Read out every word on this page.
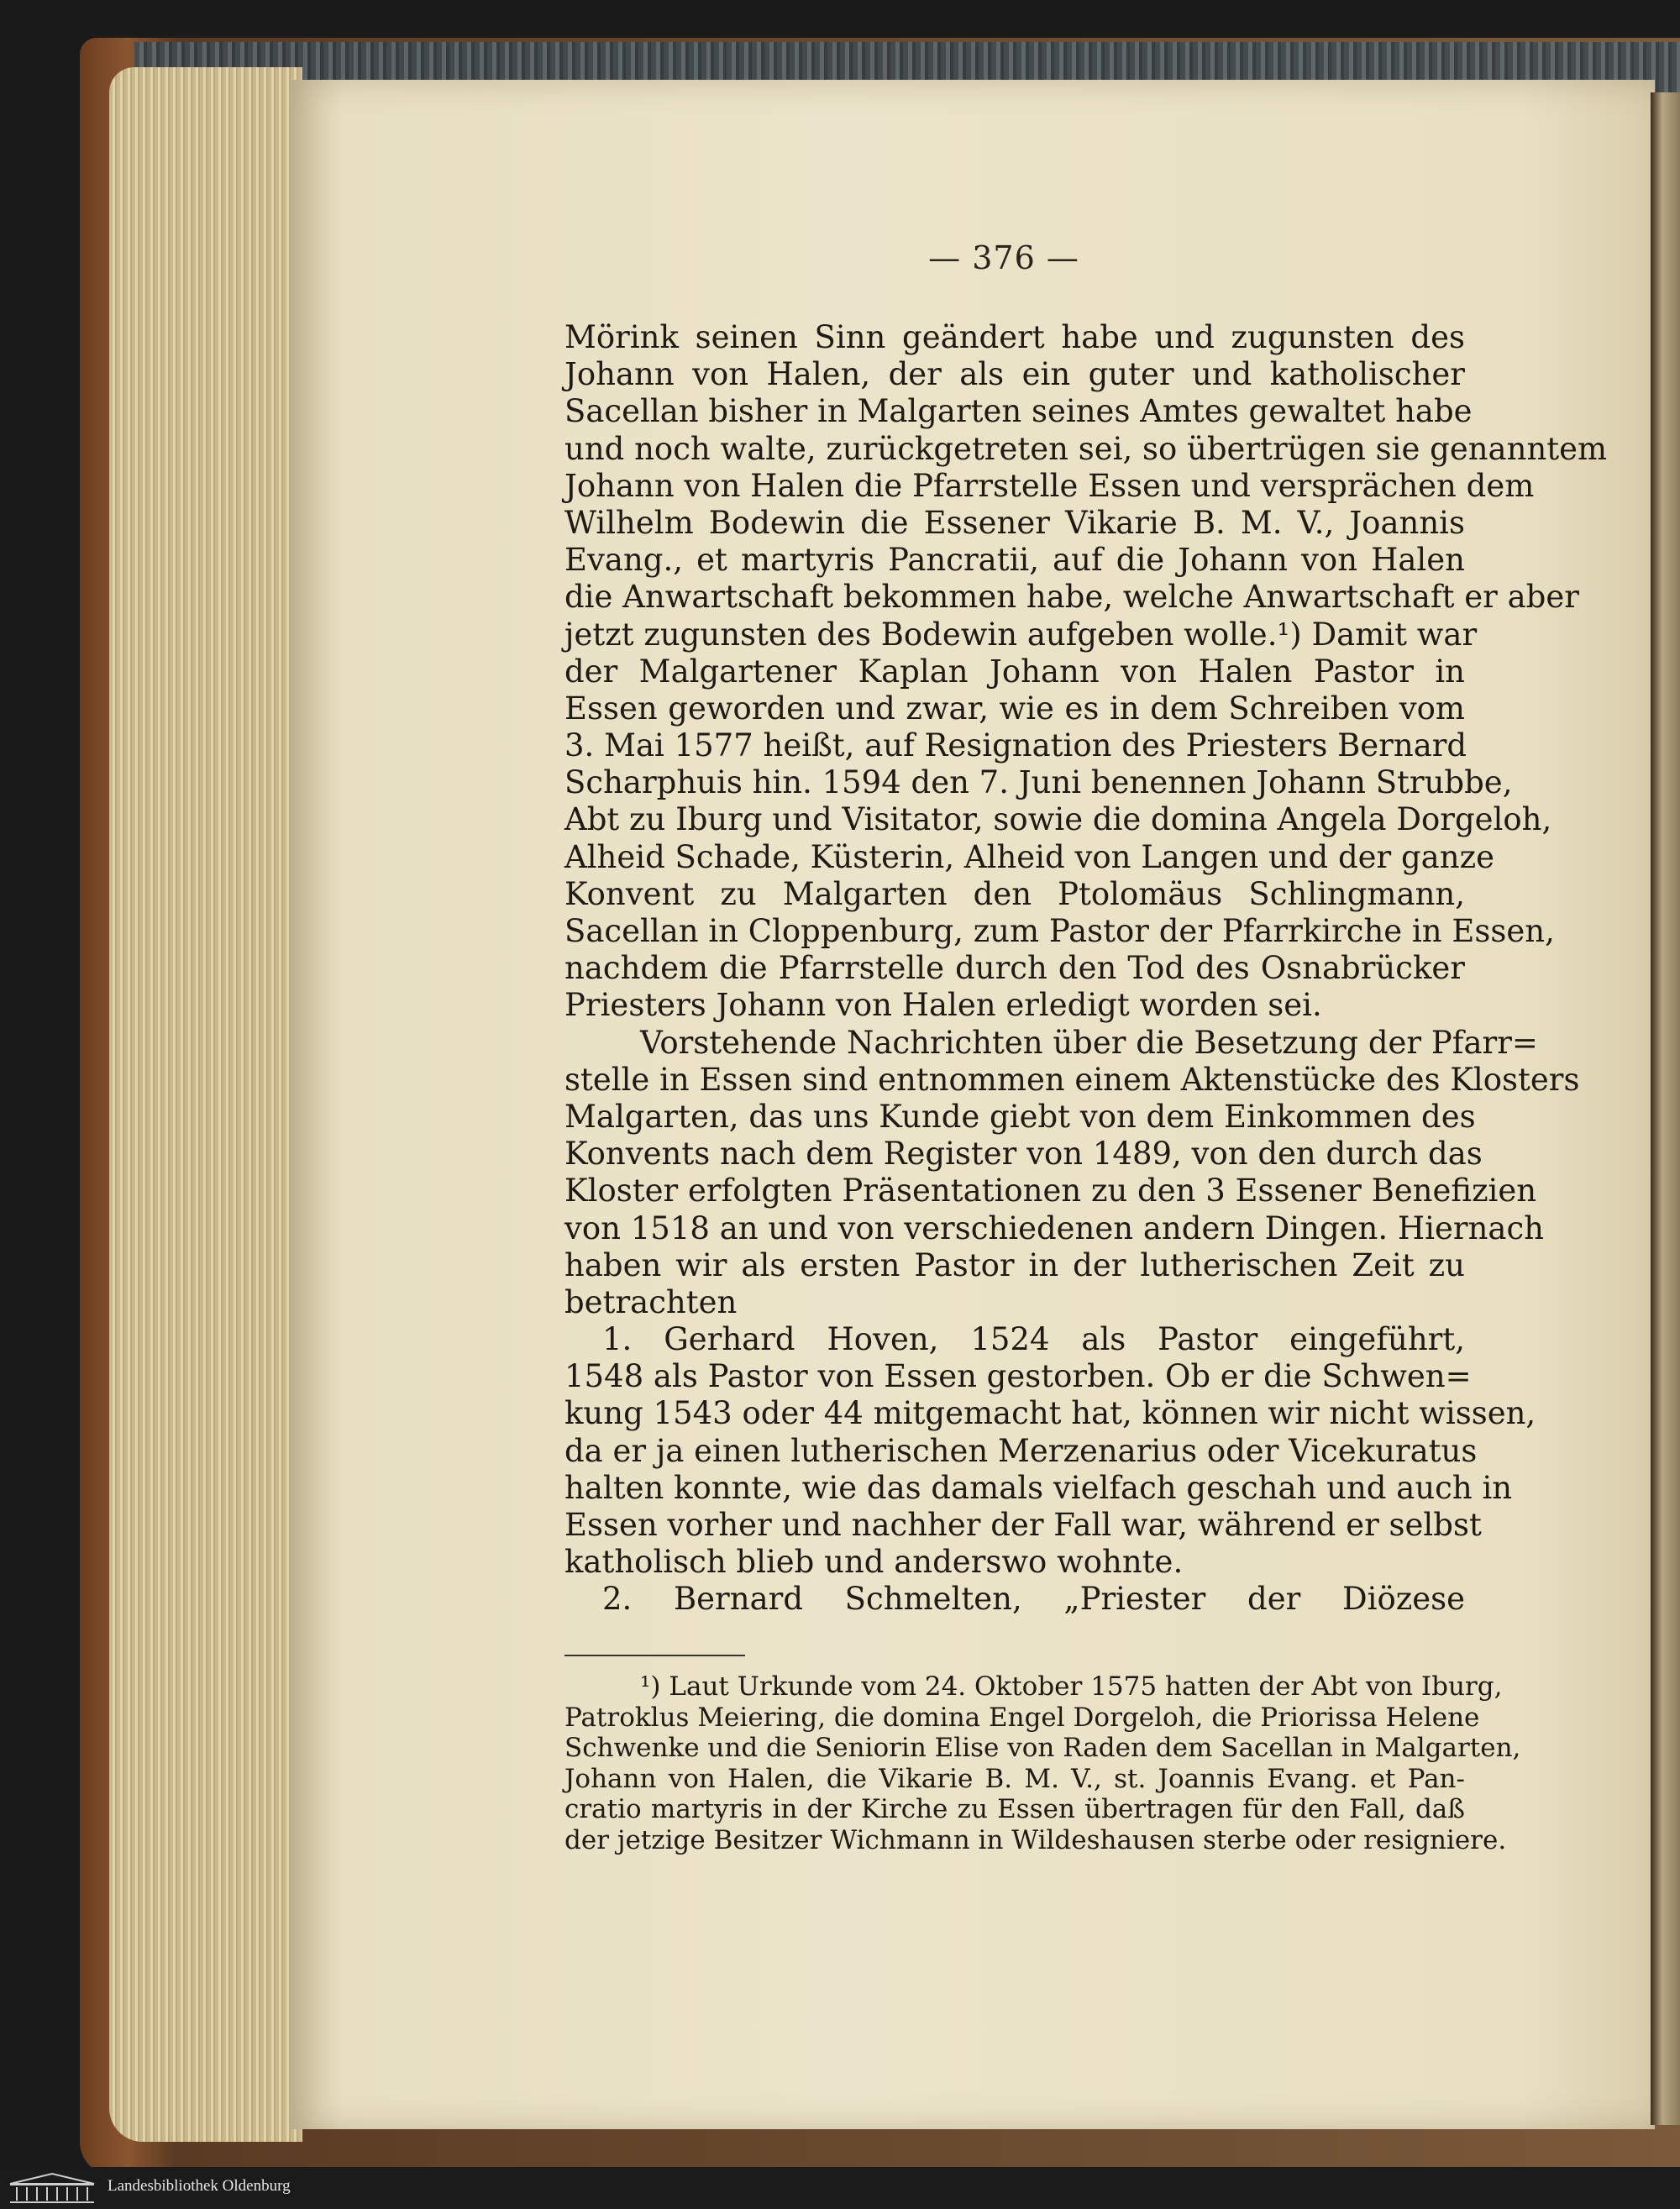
— 376 —
Mörink seinen Sinn geändert habe und zugunsten des
Johann von Halen, der als ein guter und katholischer
Sacellan bisher in Malgarten seines Amtes gewaltet habe
und noch walte, zurückgetreten sei, so übertrügen sie genanntem
Johann von Halen die Pfarrstelle Essen und versprächen dem
Wilhelm Bodewin die Essener Vikarie B. M. V., Joannis
Evang., et martyris Pancratii, auf die Johann von Halen
die Anwartschaft bekommen habe, welche Anwartschaft er aber
jetzt zugunsten des Bodewin aufgeben wolle.¹) Damit war
der Malgartener Kaplan Johann von Halen Pastor in
Essen geworden und zwar, wie es in dem Schreiben vom
3. Mai 1577 heißt, auf Resignation des Priesters Bernard
Scharphuis hin. 1594 den 7. Juni benennen Johann Strubbe,
Abt zu Iburg und Visitator, sowie die domina Angela Dorgeloh,
Alheid Schade, Küsterin, Alheid von Langen und der ganze
Konvent zu Malgarten den Ptolomäus Schlingmann,
Sacellan in Cloppenburg, zum Pastor der Pfarrkirche in Essen,
nachdem die Pfarrstelle durch den Tod des Osnabrücker
Priesters Johann von Halen erledigt worden sei.
Vorstehende Nachrichten über die Besetzung der Pfarr=
stelle in Essen sind entnommen einem Aktenstücke des Klosters
Malgarten, das uns Kunde giebt von dem Einkommen des
Konvents nach dem Register von 1489, von den durch das
Kloster erfolgten Präsentationen zu den 3 Essener Benefizien
von 1518 an und von verschiedenen andern Dingen. Hiernach
haben wir als ersten Pastor in der lutherischen Zeit zu
betrachten
1. Gerhard Hoven, 1524 als Pastor eingeführt,
1548 als Pastor von Essen gestorben. Ob er die Schwen=
kung 1543 oder 44 mitgemacht hat, können wir nicht wissen,
da er ja einen lutherischen Merzenarius oder Vicekuratus
halten konnte, wie das damals vielfach geschah und auch in
Essen vorher und nachher der Fall war, während er selbst
katholisch blieb und anderswo wohnte.
2. Bernard Schmelten, „Priester der Diözese
¹) Laut Urkunde vom 24. Oktober 1575 hatten der Abt von Iburg,
Patroklus Meiering, die domina Engel Dorgeloh, die Priorissa Helene
Schwenke und die Seniorin Elise von Raden dem Sacellan in Malgarten,
Johann von Halen, die Vikarie B. M. V., st. Joannis Evang. et Pan-
cratio martyris in der Kirche zu Essen übertragen für den Fall, daß
der jetzige Besitzer Wichmann in Wildeshausen sterbe oder resigniere.
Landesbibliothek Oldenburg
